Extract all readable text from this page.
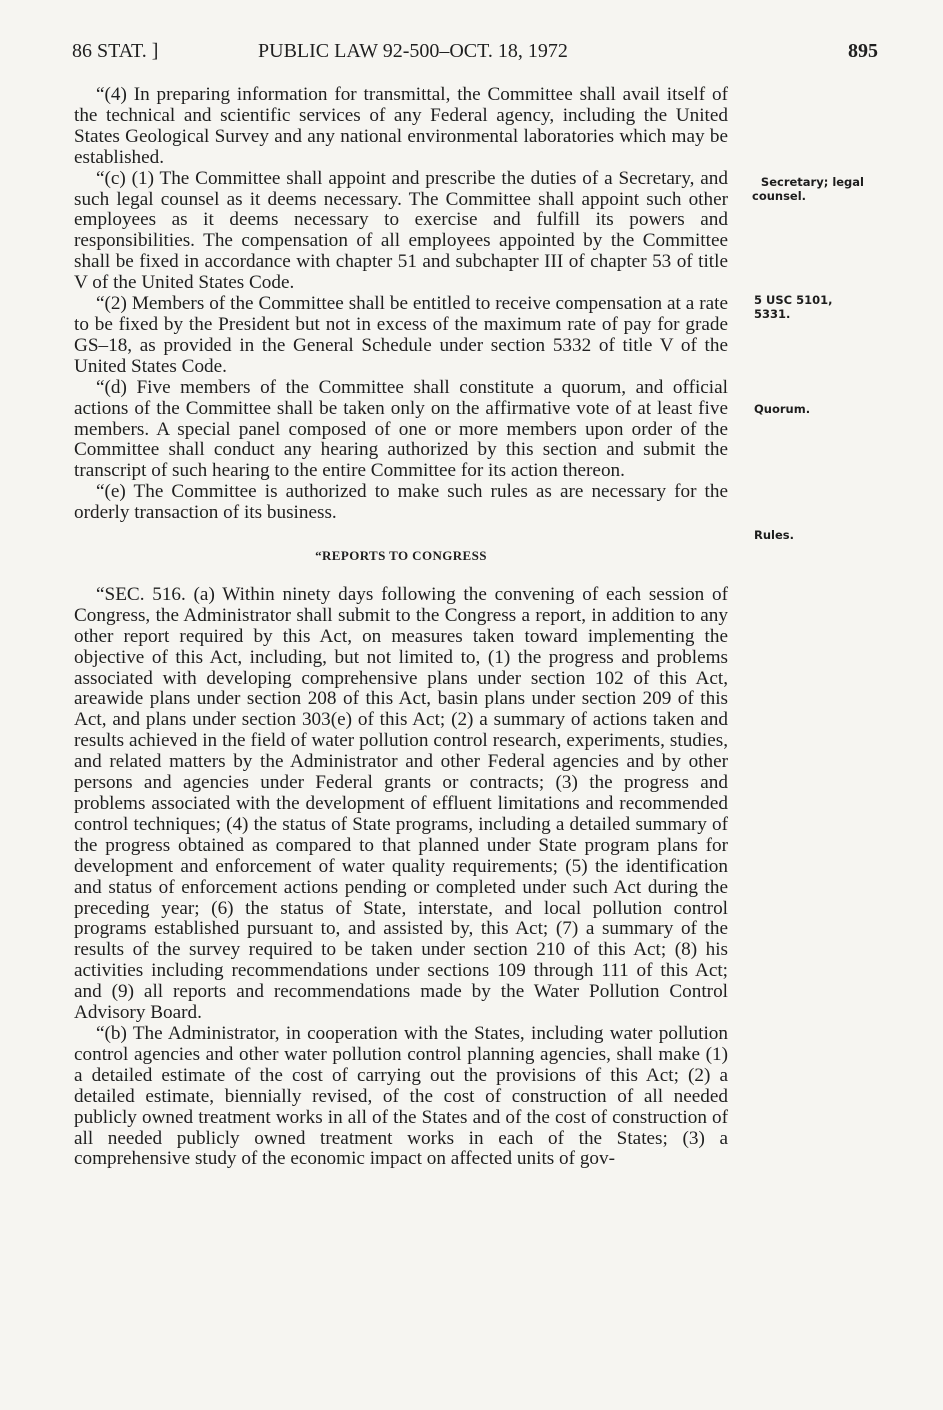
86 STAT. ]	PUBLIC LAW 92-500–OCT. 18, 1972	895

“(4) In preparing information for transmittal, the Committee shall avail itself of the technical and scientific services of any Federal agency, including the United States Geological Survey and any national environmental laboratories which may be established.

“(c) (1) The Committee shall appoint and prescribe the duties of a Secretary, and such legal counsel as it deems necessary. The Committee shall appoint such other employees as it deems necessary to exercise and fulfill its powers and responsibilities. The compensation of all employees appointed by the Committee shall be fixed in accordance with chapter 51 and subchapter III of chapter 53 of title V of the United States Code.

“(2) Members of the Committee shall be entitled to receive compensation at a rate to be fixed by the President but not in excess of the maximum rate of pay for grade GS–18, as provided in the General Schedule under section 5332 of title V of the United States Code.

“(d) Five members of the Committee shall constitute a quorum, and official actions of the Committee shall be taken only on the affirmative vote of at least five members. A special panel composed of one or more members upon order of the Committee shall conduct any hearing authorized by this section and submit the transcript of such hearing to the entire Committee for its action thereon.

“(e) The Committee is authorized to make such rules as are necessary for the orderly transaction of its business.

“REPORTS TO CONGRESS

“SEC. 516. (a) Within ninety days following the convening of each session of Congress, the Administrator shall submit to the Congress a report, in addition to any other report required by this Act, on measures taken toward implementing the objective of this Act, including, but not limited to, (1) the progress and problems associated with developing comprehensive plans under section 102 of this Act, areawide plans under section 208 of this Act, basin plans under section 209 of this Act, and plans under section 303(e) of this Act; (2) a summary of actions taken and results achieved in the field of water pollution control research, experiments, studies, and related matters by the Administrator and other Federal agencies and by other persons and agencies under Federal grants or contracts; (3) the progress and problems associated with the development of effluent limitations and recommended control techniques; (4) the status of State programs, including a detailed summary of the progress obtained as compared to that planned under State program plans for development and enforcement of water quality requirements; (5) the identification and status of enforcement actions pending or completed under such Act during the preceding year; (6) the status of State, interstate, and local pollution control programs established pursuant to, and assisted by, this Act; (7) a summary of the results of the survey required to be taken under section 210 of this Act; (8) his activities including recommendations under sections 109 through 111 of this Act; and (9) all reports and recommendations made by the Water Pollution Control Advisory Board.

“(b) The Administrator, in cooperation with the States, including water pollution control agencies and other water pollution control planning agencies, shall make (1) a detailed estimate of the cost of carrying out the provisions of this Act; (2) a detailed estimate, biennially revised, of the cost of construction of all needed publicly owned treatment works in all of the States and of the cost of construction of all needed publicly owned treatment works in each of the States; (3) a comprehensive study of the economic impact on affected units of gov-

Secretary; legal
counsel.
5 USC 5101,
5331.
Quorum.
Rules.
